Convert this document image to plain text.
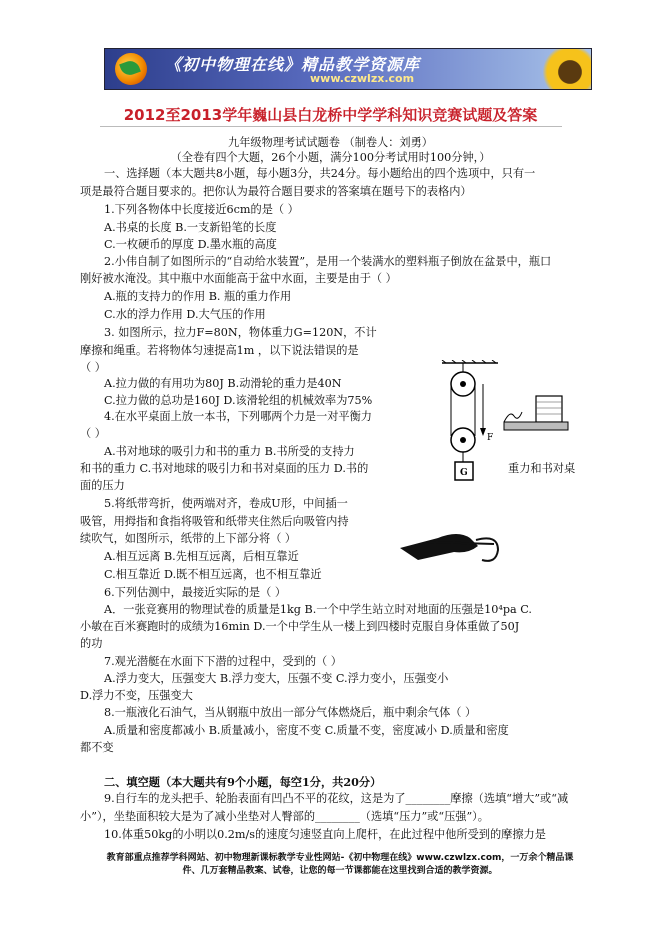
《初中物理在线》精品教学资源库
www.czwlzx.com
2012至2013学年巍山县白龙桥中学学科知识竞赛试题及答案
九年级物理考试试题卷 （制卷人：刘勇）
（全卷有四个大题，26个小题，满分100分考试用时100分钟，）
一、选择题（本大题共8小题，每小题3分，共24分。每小题给出的四个选项中，只有一
项是最符合题目要求的。把你认为最符合题目要求的答案填在题号下的表格内）
1.下列各物体中长度接近6cm的是（ ）
A.书桌的长度 B.一支新铅笔的长度
C.一枚硬币的厚度 D.墨水瓶的高度
2.小伟自制了如图所示的“自动给水装置”，是用一个装满水的塑料瓶子倒放在盆景中，瓶口
刚好被水淹没。其中瓶中水面能高于盆中水面，主要是由于（ ）
A.瓶的支持力的作用 B. 瓶的重力作用
C.水的浮力作用 D.大气压的作用
3. 如图所示，拉力F=80N，物体重力G=120N，不计
摩擦和绳重。若将物体匀速提高1m ，以下说法错误的是
（ ）
A.拉力做的有用功为80J B.动滑轮的重力是40N
C.拉力做的总功是160J D.该滑轮组的机械效率为75%
4.在水平桌面上放一本书，下列哪两个力是一对平衡力
（ ）
A.书对地球的吸引力和书的重力 B.书所受的支持力
和书的重力 C.书对地球的吸引力和书对桌面的压力 D.书的	重力和书对桌
面的压力
5.将纸带弯折，使两端对齐，卷成U形，中间插一
吸管，用拇指和食指将吸管和纸带夹住然后向吸管内持
续吹气，如图所示，纸带的上下部分将（ ）
A.相互远离 B.先相互远离，后相互靠近
C.相互靠近 D.既不相互远离，也不相互靠近
6.下列估测中，最接近实际的是（ ）
A．一张竞赛用的物理试卷的质量是1kg B.一个中学生站立时对地面的压强是10⁴pa C.
小敏在百米赛跑时的成绩为16min D.一个中学生从一楼上到四楼时克服自身体重做了50J
的功
7.观光潜艇在水面下下潜的过程中，受到的（ ）
A.浮力变大，压强变大 B.浮力变大，压强不变 C.浮力变小，压强变小
D.浮力不变，压强变大
8.一瓶液化石油气，当从钢瓶中放出一部分气体燃烧后，瓶中剩余气体（ ）
A.质量和密度都减小 B.质量减小，密度不变 C.质量不变，密度减小 D.质量和密度
都不变
二、填空题（本大题共有9个小题，每空1分，共20分）
9.自行车的龙头把手、轮胎表面有凹凸不平的花纹，这是为了________摩擦（选填“增大”或“减
小”），坐垫面积较大是为了减小坐垫对人臀部的________（选填“压力”或“压强”）。
10.体重50kg的小明以0.2m/s的速度匀速竖直向上爬杆，在此过程中他所受到的摩擦力是
F
G
教育部重点推荐学科网站、初中物理新课标教学专业性网站-《初中物理在线》www.czwlzx.com，一万余个精品课
件、几万套精品教案、试卷，让您的每一节课都能在这里找到合适的教学资源。
